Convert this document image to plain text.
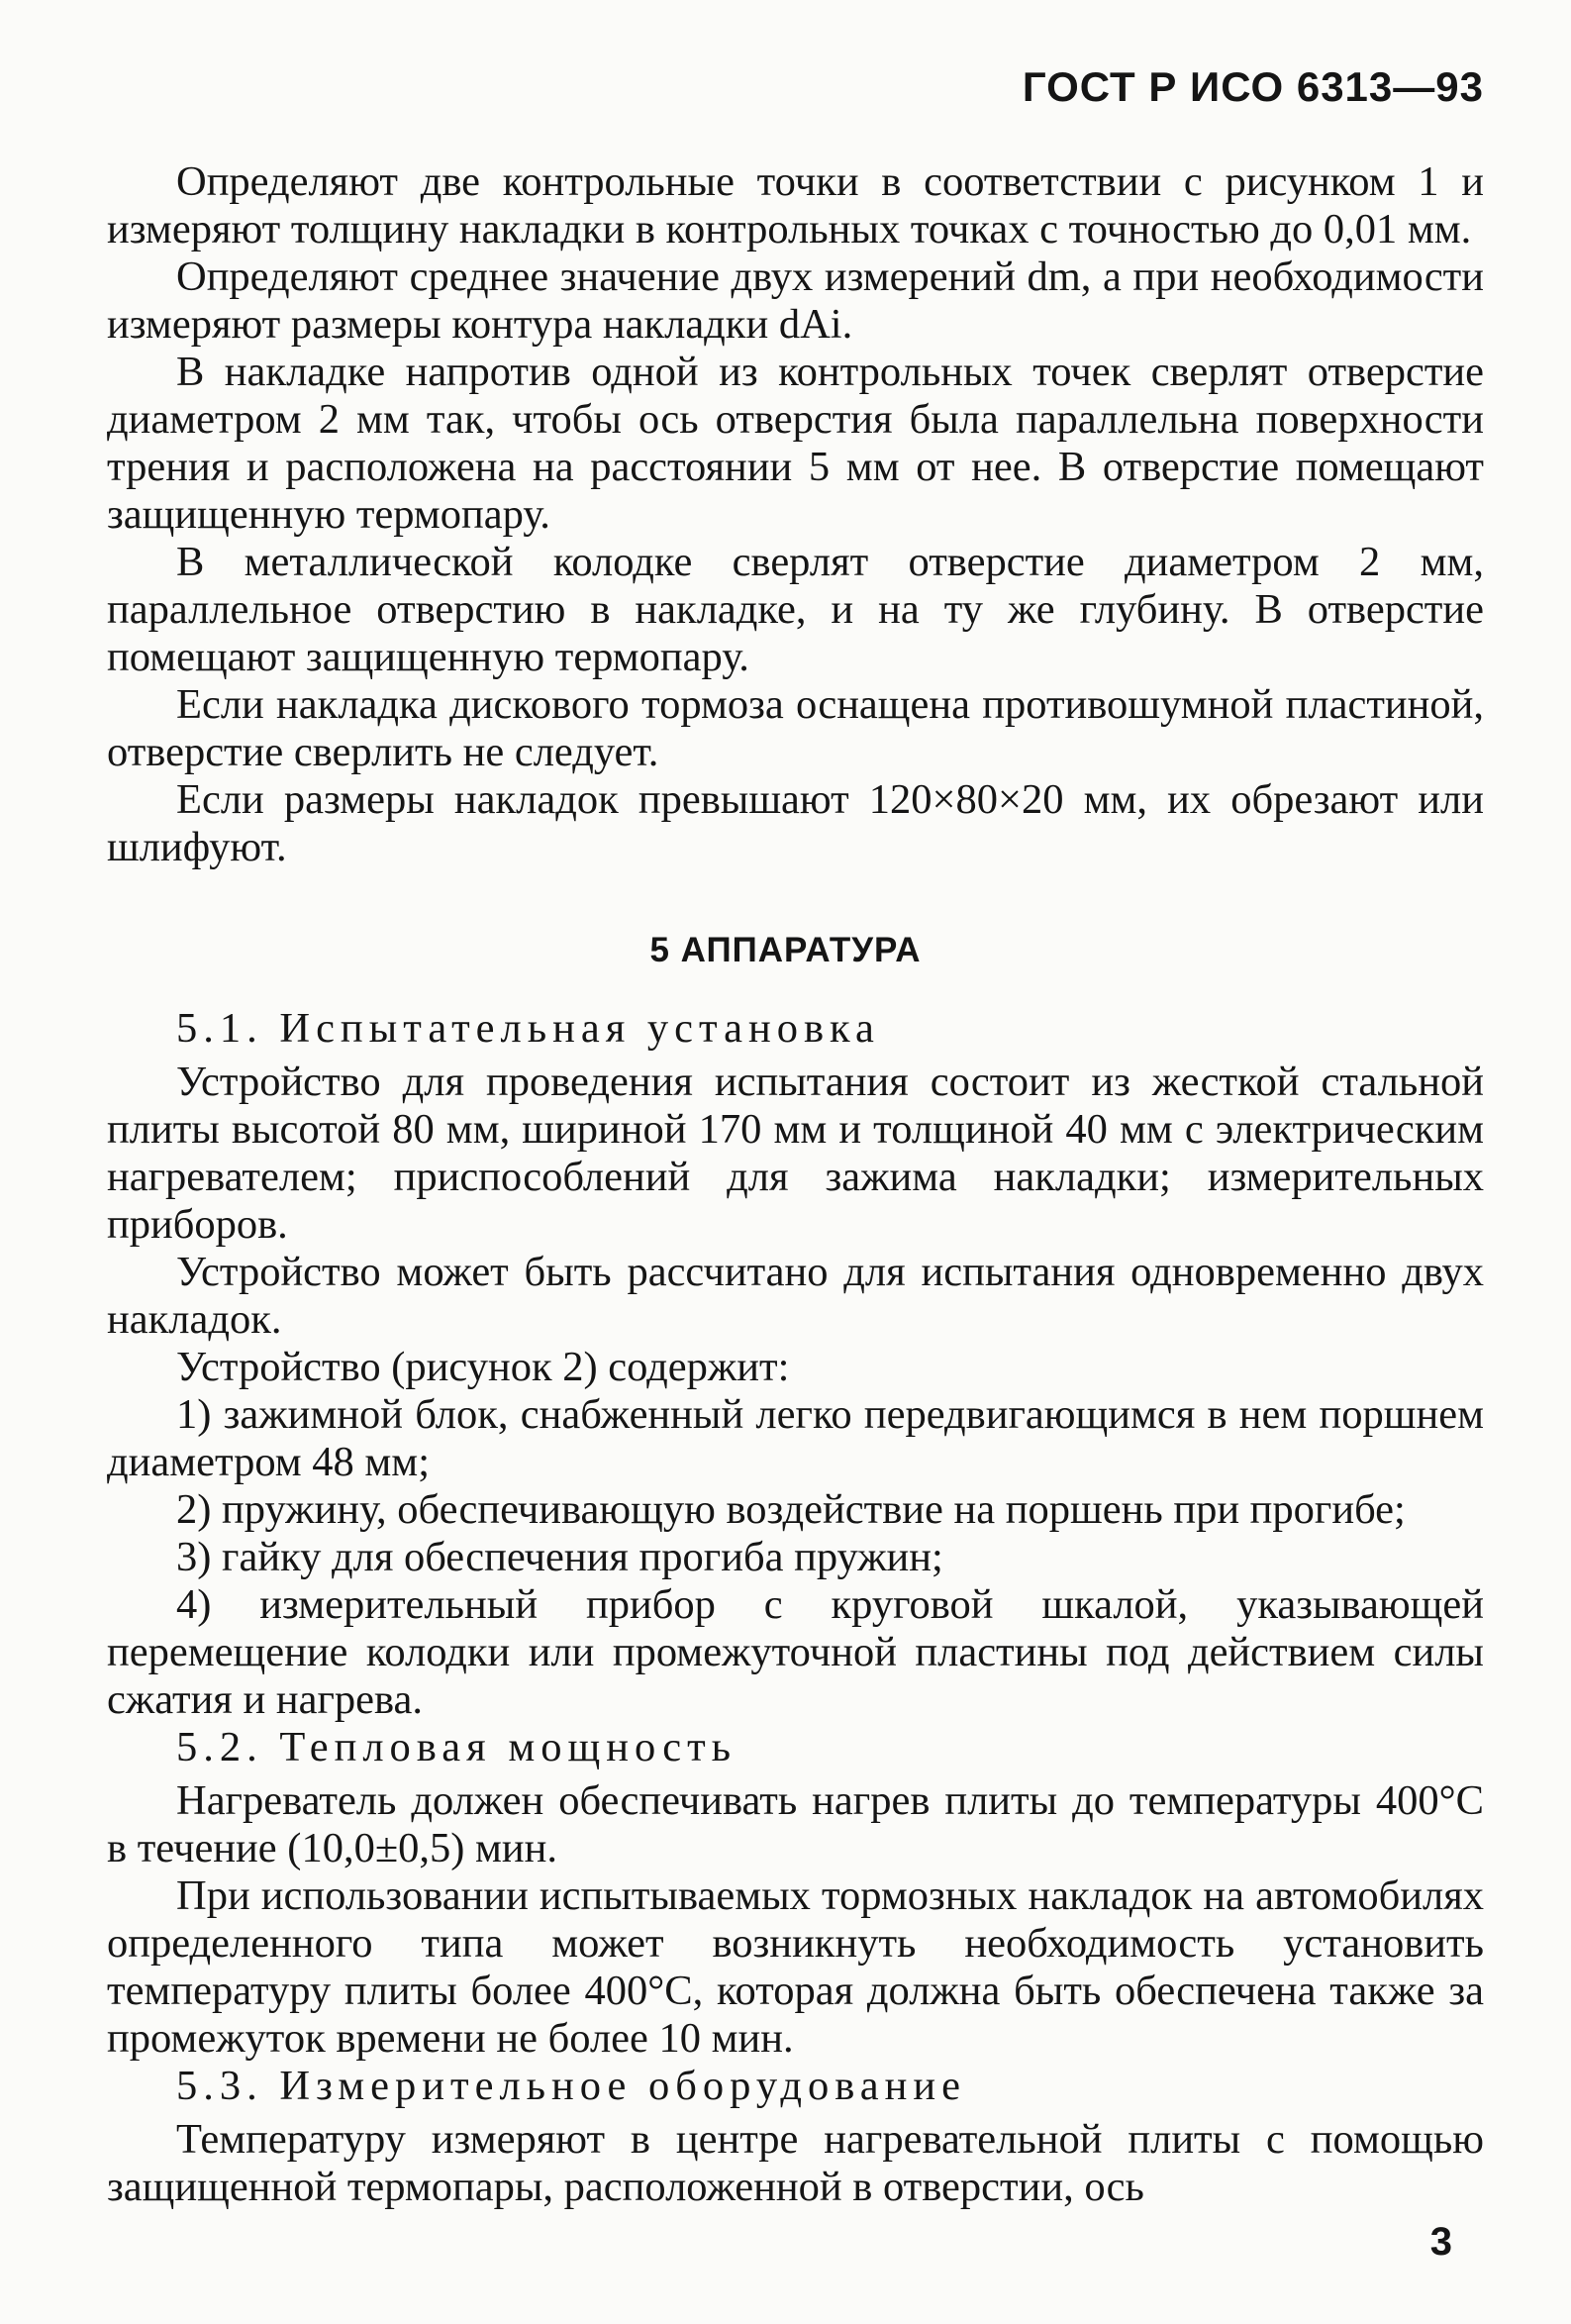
ГОСТ Р ИСО 6313—93

Определяют две контрольные точки в соответствии с рисунком 1 и измеряют толщину накладки в контрольных точках с точностью до 0,01 мм.

Определяют среднее значение двух измерений dm, а при необходимости измеряют размеры контура накладки dAi.

В накладке напротив одной из контрольных точек сверлят отверстие диаметром 2 мм так, чтобы ось отверстия была параллельна поверхности трения и расположена на расстоянии 5 мм от нее. В отверстие помещают защищенную термопару.

В металлической колодке сверлят отверстие диаметром 2 мм, параллельное отверстию в накладке, и на ту же глубину. В отверстие помещают защищенную термопару.

Если накладка дискового тормоза оснащена противошумной пластиной, отверстие сверлить не следует.

Если размеры накладок превышают 120×80×20 мм, их обрезают или шлифуют.

5 АППАРАТУРА

5.1. Испытательная установка

Устройство для проведения испытания состоит из жесткой стальной плиты высотой 80 мм, шириной 170 мм и толщиной 40 мм с электрическим нагревателем; приспособлений для зажима накладки; измерительных приборов.

Устройство может быть рассчитано для испытания одновременно двух накладок.

Устройство (рисунок 2) содержит:

1) зажимной блок, снабженный легко передвигающимся в нем поршнем диаметром 48 мм;

2) пружину, обеспечивающую воздействие на поршень при прогибе;

3) гайку для обеспечения прогиба пружин;

4) измерительный прибор с круговой шкалой, указывающей перемещение колодки или промежуточной пластины под действием силы сжатия и нагрева.

5.2. Тепловая мощность

Нагреватель должен обеспечивать нагрев плиты до температуры 400°С в течение (10,0±0,5) мин.

При использовании испытываемых тормозных накладок на автомобилях определенного типа может возникнуть необходимость установить температуру плиты более 400°С, которая должна быть обеспечена также за промежуток времени не более 10 мин.

5.3. Измерительное оборудование

Температуру измеряют в центре нагревательной плиты с помощью защищенной термопары, расположенной в отверстии, ось

3
